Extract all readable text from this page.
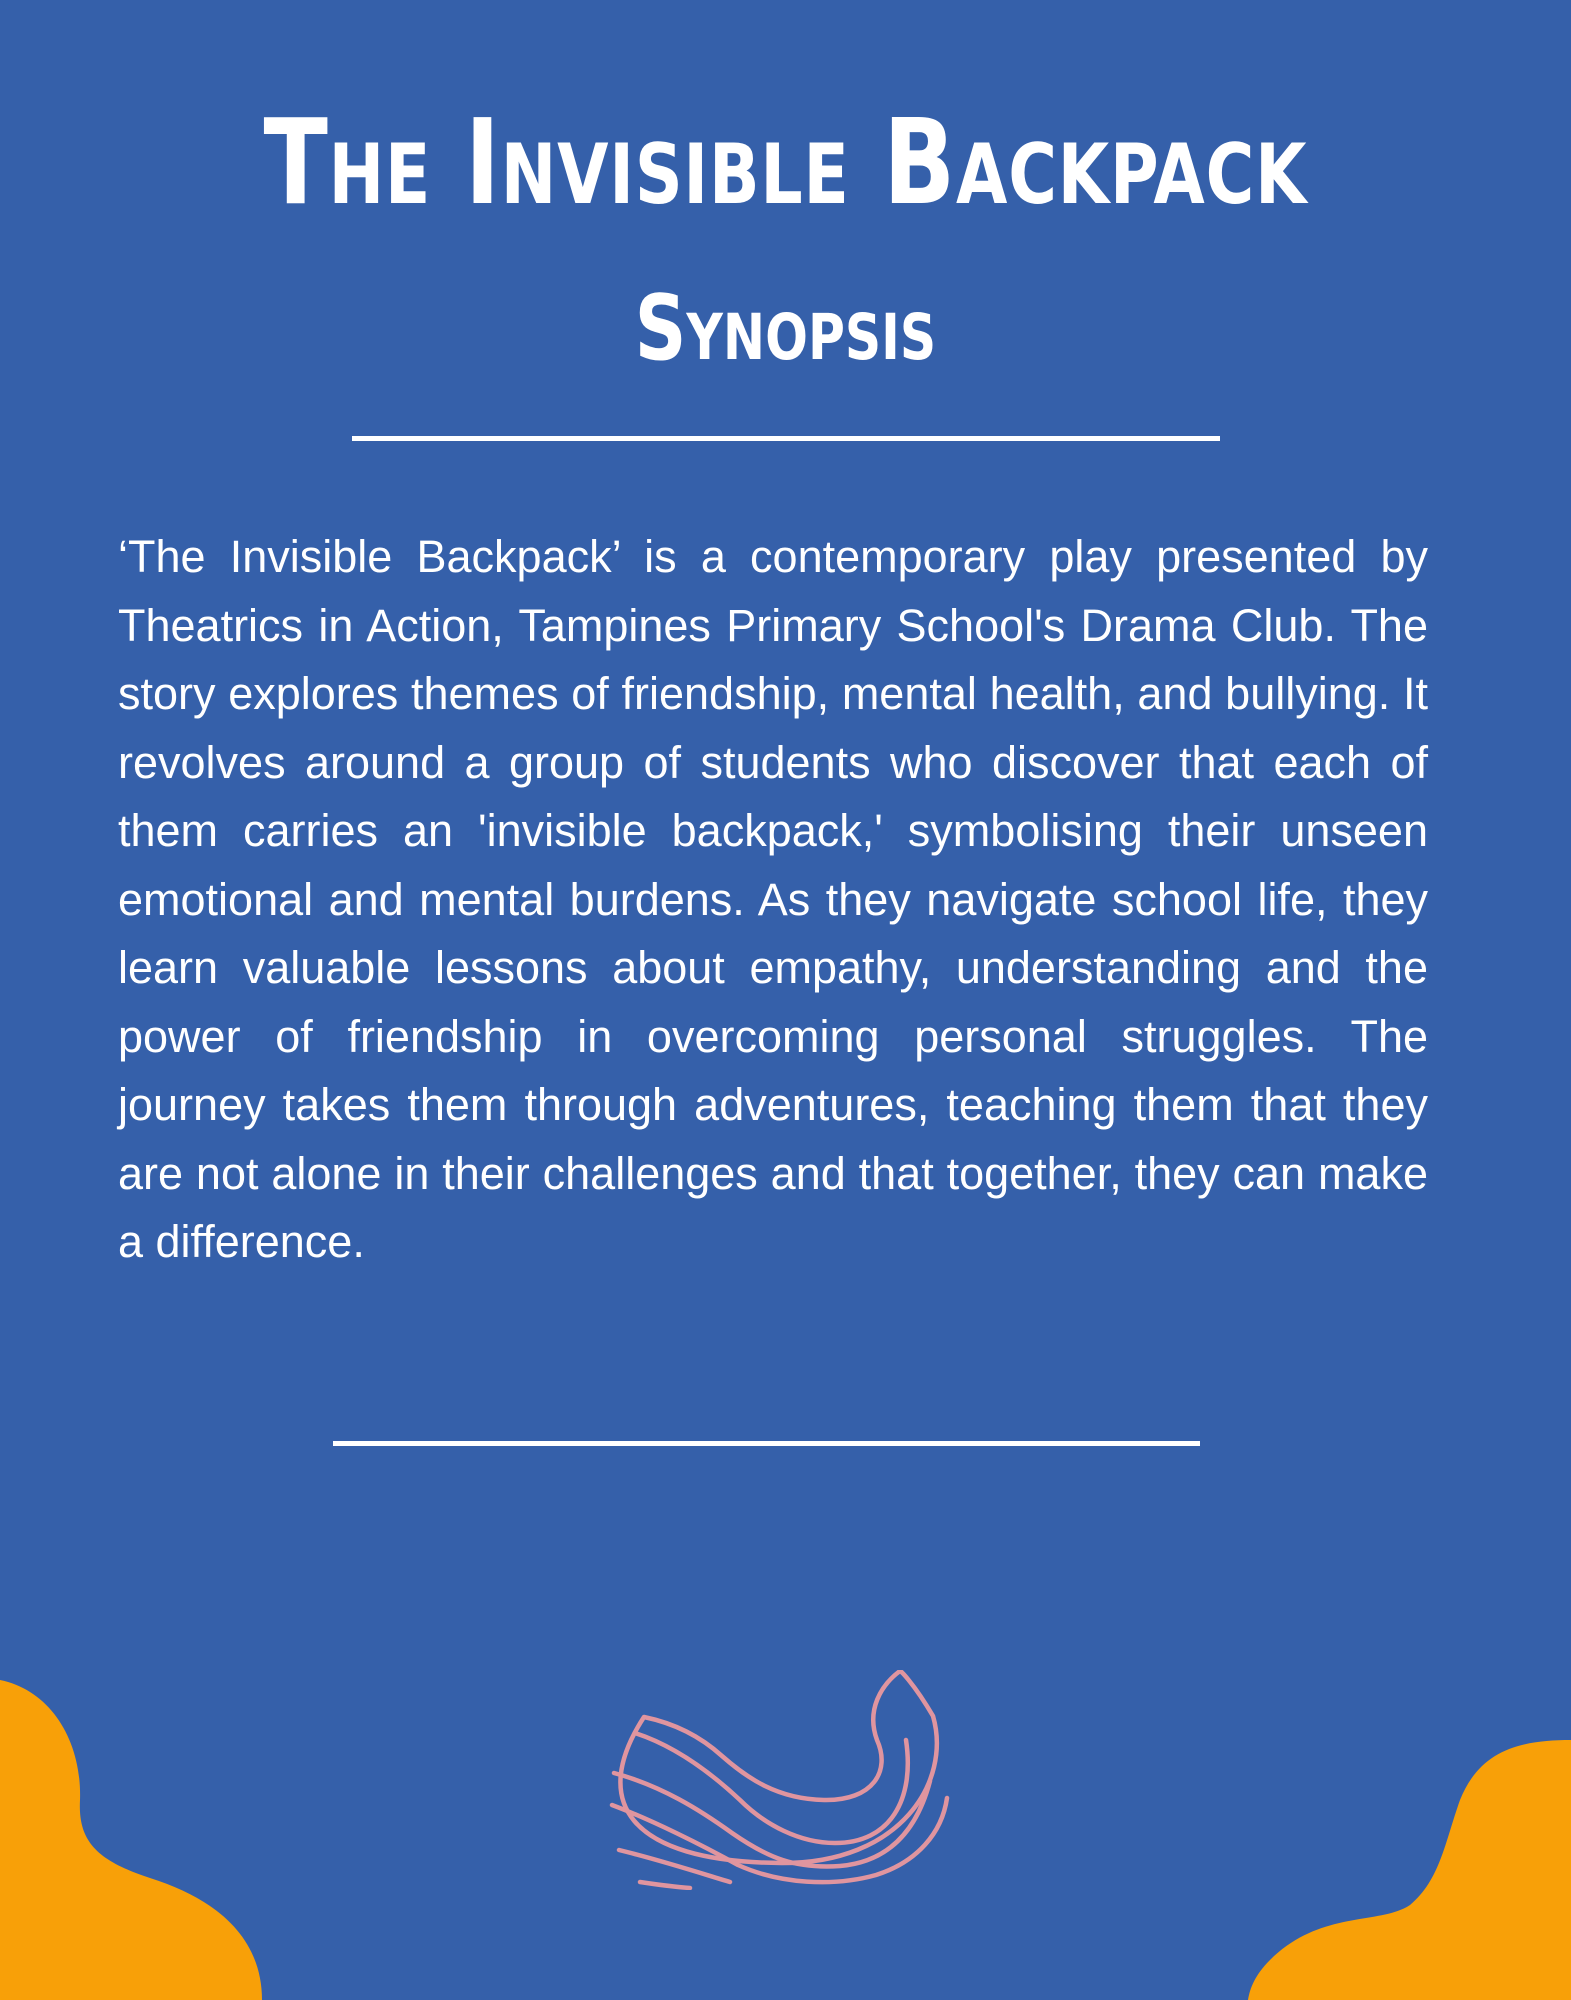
The Invisible Backpack
Synopsis

‘The Invisible Backpack’ is a contemporary play presented by Theatrics in Action, Tampines Primary School's Drama Club. The story explores themes of friendship, mental health, and bullying. It revolves around a group of students who discover that each of them carries an 'invisible backpack,' symbolising their unseen emotional and mental burdens. As they navigate school life, they learn valuable lessons about empathy, understanding and the power of friendship in overcoming personal struggles. The journey takes them through adventures, teaching them that they are not alone in their challenges and that together, they can make a difference.
